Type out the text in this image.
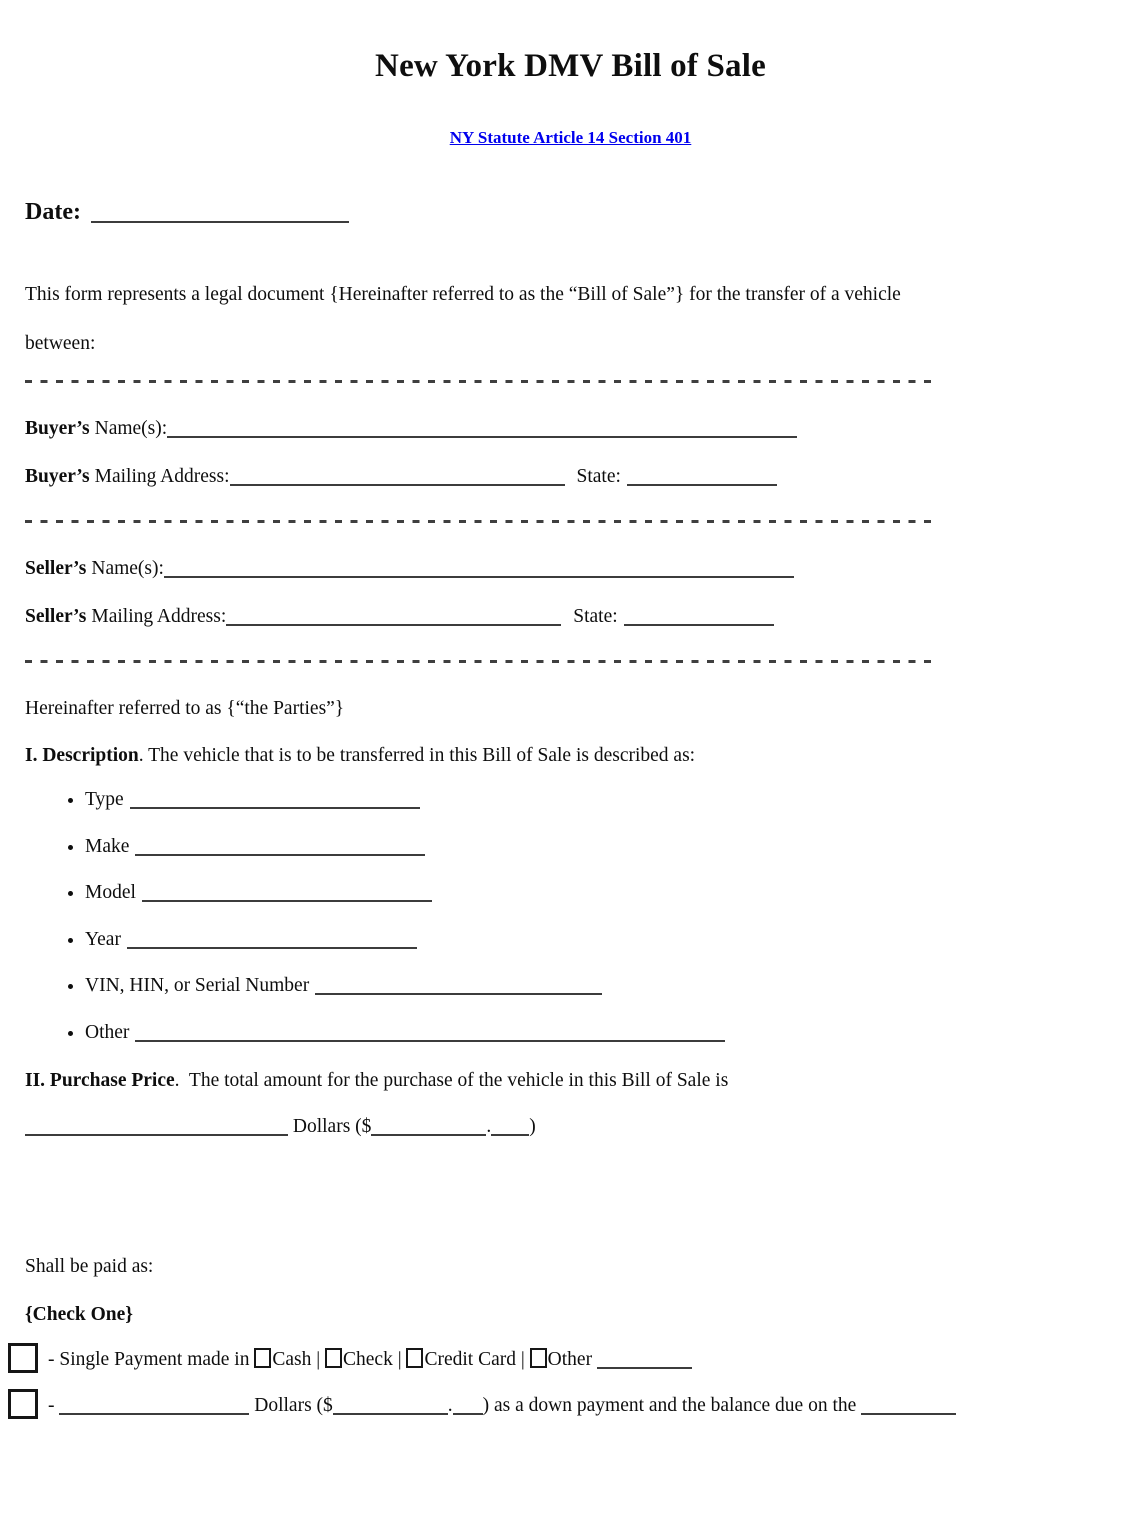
New York DMV Bill of Sale
NY Statute Article 14 Section 401
Date:
This form represents a legal document {Hereinafter referred to as the “Bill of Sale”} for the transfer of a vehicle
between:
Buyer’s Name(s):
Buyer’s Mailing Address:	State:
Seller’s Name(s):
Seller’s Mailing Address:	State:
Hereinafter referred to as {“the Parties”}
I. Description. The vehicle that is to be transferred in this Bill of Sale is described as:
• Type
• Make
• Model
• Year
• VIN, HIN, or Serial Number
• Other
II. Purchase Price.  The total amount for the purchase of the vehicle in this Bill of Sale is
Dollars ($	. )
Shall be paid as:
{Check One}
- Single Payment made in Cash | Check | Credit Card | Other
-	Dollars ($	. ) as a down payment and the balance due on the
